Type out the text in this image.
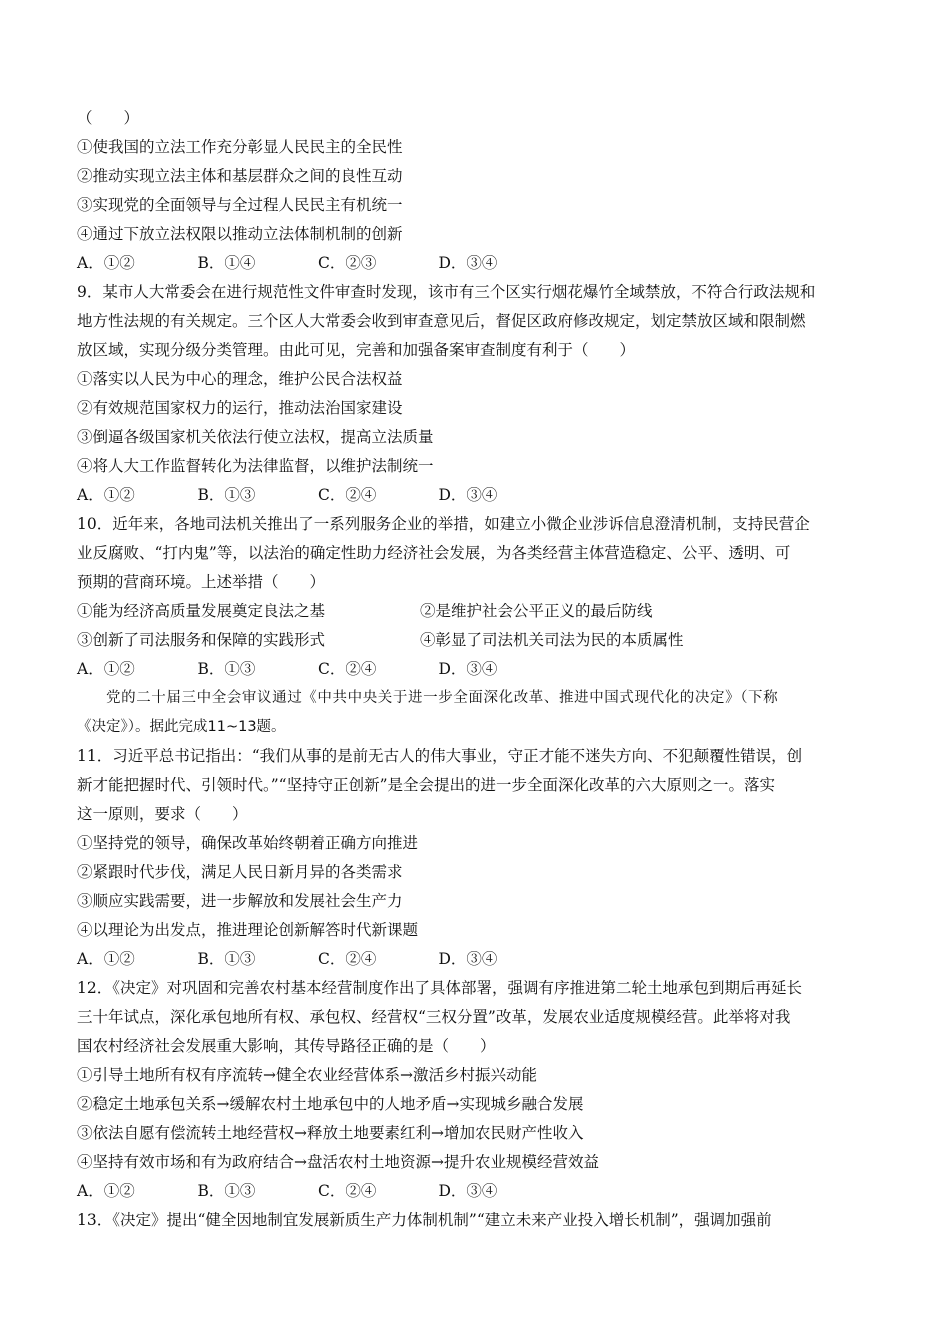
（　　）
①使我国的立法工作充分彰显人民民主的全民性
②推动实现立法主体和基层群众之间的良性互动
③实现党的全面领导与全过程人民民主有机统一
④通过下放立法权限以推动立法体制机制的创新
A．①②	B．①④	C．②③	D．③④
9．某市人大常委会在进行规范性文件审查时发现，该市有三个区实行烟花爆竹全域禁放，不符合行政法规和
地方性法规的有关规定。三个区人大常委会收到审查意见后，督促区政府修改规定，划定禁放区域和限制燃
放区域，实现分级分类管理。由此可见，完善和加强备案审查制度有利于（　　）
①落实以人民为中心的理念，维护公民合法权益
②有效规范国家权力的运行，推动法治国家建设
③倒逼各级国家机关依法行使立法权，提高立法质量
④将人大工作监督转化为法律监督，以维护法制统一
A．①②	B．①③	C．②④	D．③④
10．近年来，各地司法机关推出了一系列服务企业的举措，如建立小微企业涉诉信息澄清机制，支持民营企
业反腐败、“打内鬼”等，以法治的确定性助力经济社会发展，为各类经营主体营造稳定、公平、透明、可
预期的营商环境。上述举措（　　）
①能为经济高质量发展奠定良法之基	②是维护社会公平正义的最后防线
③创新了司法服务和保障的实践形式	④彰显了司法机关司法为民的本质属性
A．①②	B．①③	C．②④	D．③④
党的二十届三中全会审议通过《中共中央关于进一步全面深化改革、推进中国式现代化的决定》（下称
《决定》）。据此完成11~13题。
11．习近平总书记指出：“我们从事的是前无古人的伟大事业，守正才能不迷失方向、不犯颠覆性错误，创
新才能把握时代、引领时代。”“坚持守正创新”是全会提出的进一步全面深化改革的六大原则之一。落实
这一原则，要求（　　）
①坚持党的领导，确保改革始终朝着正确方向推进
②紧跟时代步伐，满足人民日新月异的各类需求
③顺应实践需要，进一步解放和发展社会生产力
④以理论为出发点，推进理论创新解答时代新课题
A．①②	B．①③	C．②④	D．③④
12．《决定》对巩固和完善农村基本经营制度作出了具体部署，强调有序推进第二轮土地承包到期后再延长
三十年试点，深化承包地所有权、承包权、经营权“三权分置”改革，发展农业适度规模经营。此举将对我
国农村经济社会发展重大影响，其传导路径正确的是（　　）
①引导土地所有权有序流转→健全农业经营体系→激活乡村振兴动能
②稳定土地承包关系→缓解农村土地承包中的人地矛盾→实现城乡融合发展
③依法自愿有偿流转土地经营权→释放土地要素红利→增加农民财产性收入
④坚持有效市场和有为政府结合→盘活农村土地资源→提升农业规模经营效益
A．①②	B．①③	C．②④	D．③④
13．《决定》提出“健全因地制宜发展新质生产力体制机制”“建立未来产业投入增长机制”，强调加强前
